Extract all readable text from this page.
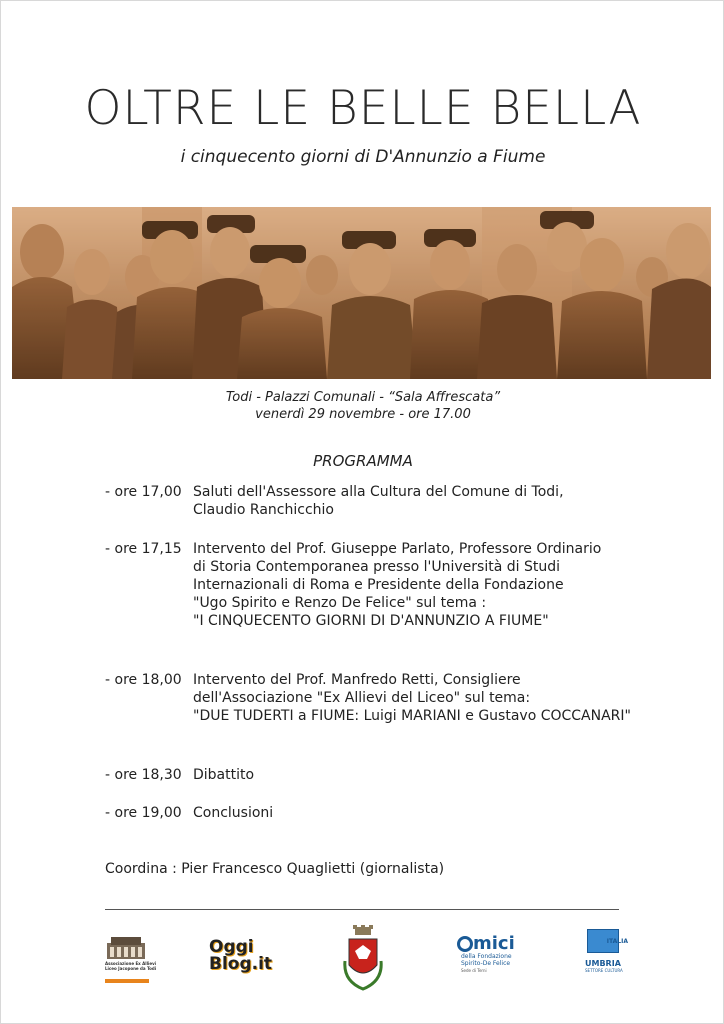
OLTRE LE BELLE BELLA
i cinquecento giorni di D'Annunzio a Fiume
Todi - Palazzi Comunali - “Sala Affrescata”
venerdì 29 novembre - ore 17.00
PROGRAMMA
- ore 17,00 Saluti dell'Assessore alla Cultura del Comune di Todi,
Claudio Ranchicchio
- ore 17,15 Intervento del Prof. Giuseppe Parlato, Professore Ordinario
di Storia Contemporanea presso l'Università di Studi
Internazionali di Roma e Presidente della Fondazione
"Ugo Spirito e Renzo De Felice" sul tema :
"I CINQUECENTO GIORNI DI D'ANNUNZIO A FIUME"
- ore 18,00 Intervento del Prof. Manfredo Retti, Consigliere
dell'Associazione "Ex Allievi del Liceo" sul tema:
"DUE TUDERTI a FIUME: Luigi MARIANI e Gustavo COCCANARI"
- ore 18,30 Dibattito
- ore 19,00 Conclusioni
Coordina : Pier Francesco Quaglietti (giornalista)
Associazione Ex Allievi
Liceo Jacopone da Todi
Oggi
Blog.it
mici
della Fondazione
Spirito-De Felice
Sede di Terni
ITALIA
UMBRIA
SETTORE CULTURA
